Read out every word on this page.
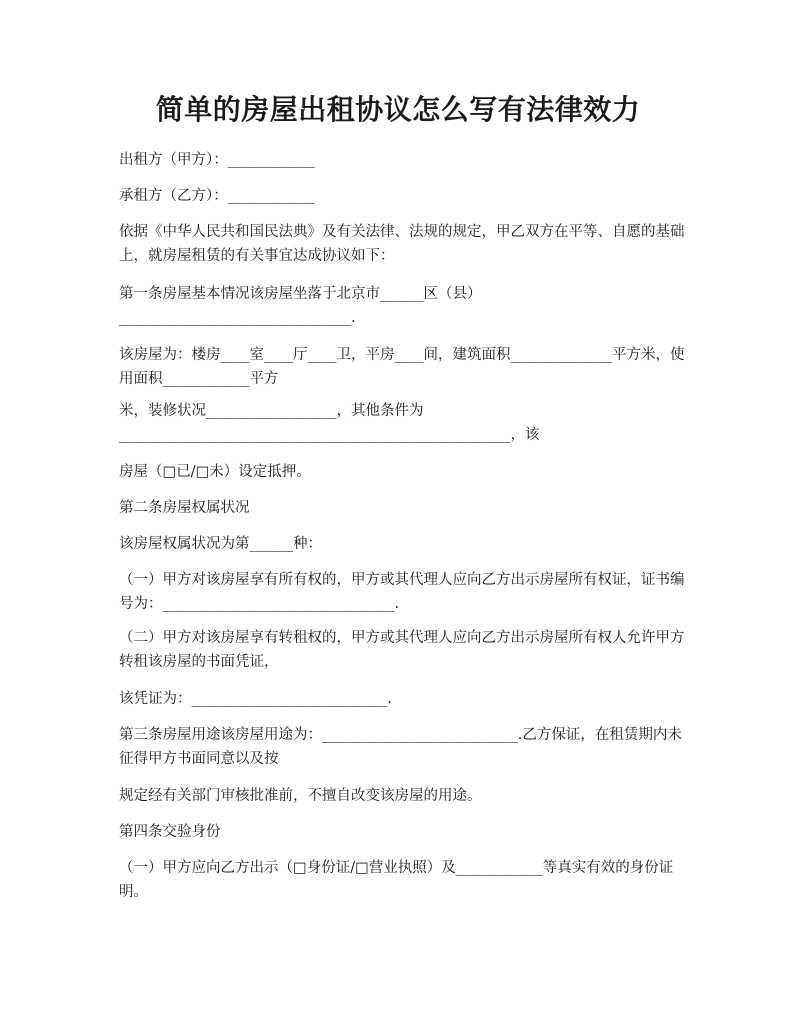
简单的房屋出租协议怎么写有法律效力
出租方（甲方）：____________
承租方（乙方）：____________
依据《中华人民共和国民法典》及有关法律、法规的规定，甲乙双方在平等、自愿的基础上，就房屋租赁的有关事宜达成协议如下：
第一条房屋基本情况该房屋坐落于北京市______区（县）
________________________________.
该房屋为：楼房____室____厅____卫，平房____间，建筑面积______________平方米，使用面积____________平方
米，装修状况__________________，其他条件为
______________________________________________________，该
房屋（□已/□未）设定抵押。
第二条房屋权属状况
该房屋权属状况为第______种：
（一）甲方对该房屋享有所有权的，甲方或其代理人应向乙方出示房屋所有权证，证书编号为：________________________________.
（二）甲方对该房屋享有转租权的，甲方或其代理人应向乙方出示房屋所有权人允许甲方转租该房屋的书面凭证，
该凭证为：___________________________.
第三条房屋用途该房屋用途为：___________________________.乙方保证，在租赁期内未征得甲方书面同意以及按
规定经有关部门审核批准前，不擅自改变该房屋的用途。
第四条交验身份
（一）甲方应向乙方出示（□身份证/□营业执照）及____________等真实有效的身份证明。
